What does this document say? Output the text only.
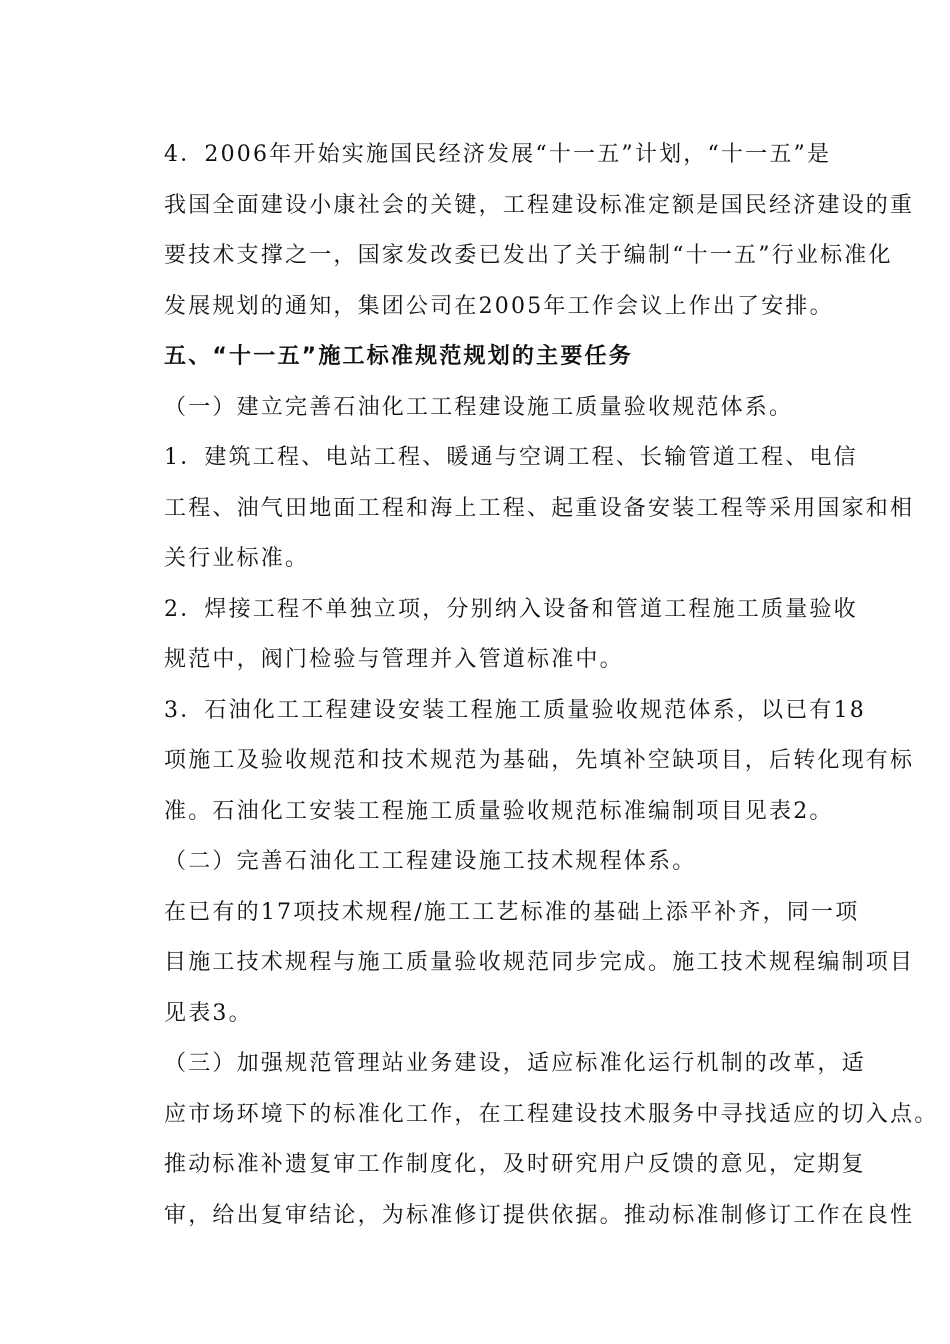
4．2006年开始实施国民经济发展“十一五”计划，“十一五”是
我国全面建设小康社会的关键，工程建设标准定额是国民经济建设的重
要技术支撑之一，国家发改委已发出了关于编制“十一五”行业标准化
发展规划的通知，集团公司在2005年工作会议上作出了安排。

五、“十一五”施工标准规范规划的主要任务

（一）建立完善石油化工工程建设施工质量验收规范体系。

1．建筑工程、电站工程、暖通与空调工程、长输管道工程、电信
工程、油气田地面工程和海上工程、起重设备安装工程等采用国家和相
关行业标准。

2．焊接工程不单独立项，分别纳入设备和管道工程施工质量验收
规范中，阀门检验与管理并入管道标准中。

3．石油化工工程建设安装工程施工质量验收规范体系，以已有18
项施工及验收规范和技术规范为基础，先填补空缺项目，后转化现有标
准。石油化工安装工程施工质量验收规范标准编制项目见表2。

（二）完善石油化工工程建设施工技术规程体系。

在已有的17项技术规程/施工工艺标准的基础上添平补齐，同一项
目施工技术规程与施工质量验收规范同步完成。施工技术规程编制项目
见表3。

（三）加强规范管理站业务建设，适应标准化运行机制的改革，适
应市场环境下的标准化工作，在工程建设技术服务中寻找适应的切入点。

推动标准补遗复审工作制度化，及时研究用户反馈的意见，定期复
审，给出复审结论，为标准修订提供依据。推动标准制修订工作在良性
